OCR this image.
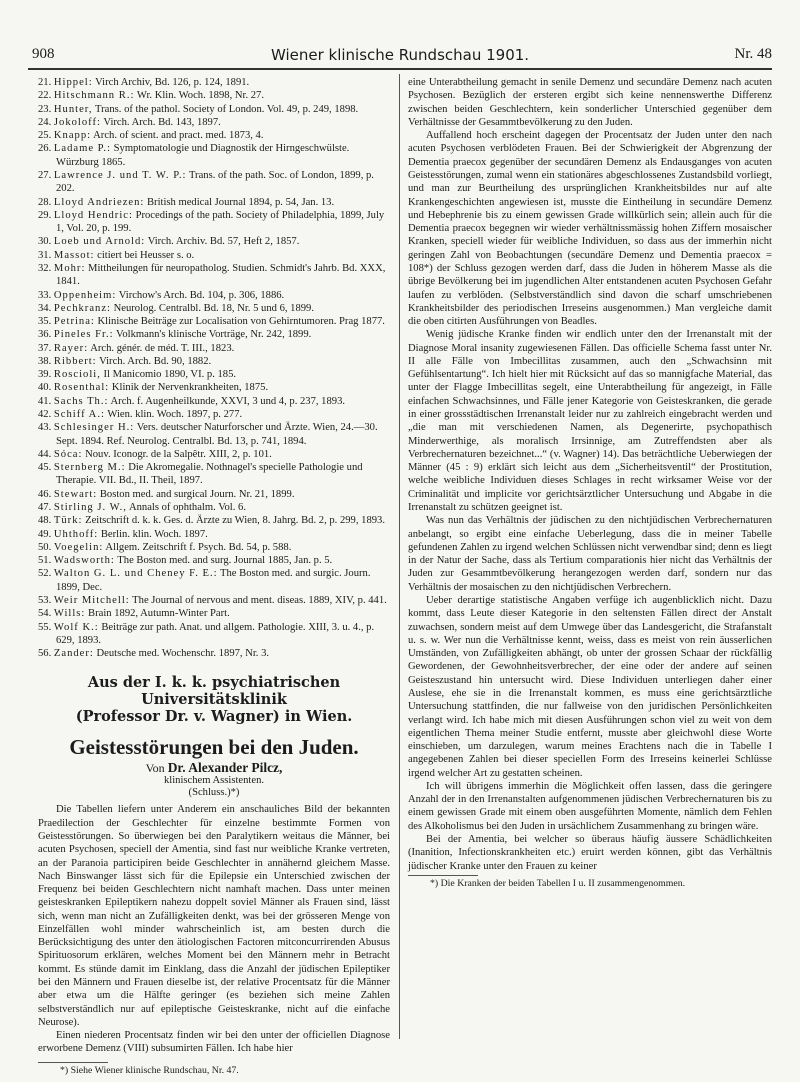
908	Wiener klinische Rundschau 1901.	Nr. 48

21. Hippel: Virch Archiv, Bd. 126, p. 124, 1891.

22. Hitschmann R.: Wr. Klin. Woch. 1898, Nr. 27.

23. Hunter, Trans. of the pathol. Society of London. Vol. 49, p. 249, 1898.

24. Jokoloff: Virch. Arch. Bd. 143, 1897.

25. Knapp: Arch. of scient. and pract. med. 1873, 4.

26. Ladame P.: Symptomatologie und Diagnostik der Hirngeschwülste. Würzburg 1865.

27. Lawrence J. und T. W. P.: Trans. of the path. Soc. of London, 1899, p. 202.

28. Lloyd Andriezen: British medical Journal 1894, p. 54, Jan. 13.

29. Lloyd Hendric: Procedings of the path. Society of Philadelphia, 1899, July 1, Vol. 20, p. 199.

30. Loeb und Arnold: Virch. Archiv. Bd. 57, Heft 2, 1857.

31. Massot: citiert bei Heusser s. o.

32. Mohr: Mittheilungen für neuropatholog. Studien. Schmidt's Jahrb. Bd. XXX, 1841.

33. Oppenheim: Virchow's Arch. Bd. 104, p. 306, 1886.

34. Pechkranz: Neurolog. Centralbl. Bd. 18, Nr. 5 und 6, 1899.

35. Petrina: Klinische Beiträge zur Localisation von Gehirntumoren. Prag 1877.

36. Pineles Fr.: Volkmann's klinische Vorträge, Nr. 242, 1899.

37. Rayer: Arch. génér. de méd. T. III., 1823.

38. Ribbert: Virch. Arch. Bd. 90, 1882.

39. Roscioli, Il Manicomio 1890, VI. p. 185.

40. Rosenthal: Klinik der Nervenkrankheiten, 1875.

41. Sachs Th.: Arch. f. Augenheilkunde, XXVI, 3 und 4, p. 237, 1893.

42. Schiff A.: Wien. klin. Woch. 1897, p. 277.

43. Schlesinger H.: Vers. deutscher Naturforscher und Ärzte. Wien, 24.—30. Sept. 1894. Ref. Neurolog. Centralbl. Bd. 13, p. 741, 1894.

44. Sóca: Nouv. Iconogr. de la Salpêtr. XIII, 2, p. 101.

45. Sternberg M.: Die Akromegalie. Nothnagel's specielle Pathologie und Therapie. VII. Bd., II. Theil, 1897.

46. Stewart: Boston med. and surgical Journ. Nr. 21, 1899.

47. Stirling J. W., Annals of ophthalm. Vol. 6.

48. Türk: Zeitschrift d. k. k. Ges. d. Ärzte zu Wien, 8. Jahrg. Bd. 2, p. 299, 1893.

49. Uhthoff: Berlin. klin. Woch. 1897.

50. Voegelin: Allgem. Zeitschrift f. Psych. Bd. 54, p. 588.

51. Wadsworth: The Boston med. and surg. Journal 1885, Jan. p. 5.

52. Walton G. L. und Cheney F. E.: The Boston med. and surgic. Journ. 1899, Dec.

53. Weir Mitchell: The Journal of nervous and ment. diseas. 1889, XIV, p. 441.

54. Wills: Brain 1892, Autumn-Winter Part.

55. Wolf K.: Beiträge zur path. Anat. und allgem. Pathologie. XIII, 3. u. 4., p. 629, 1893.

56. Zander: Deutsche med. Wochenschr. 1897, Nr. 3.

Aus der I. k. k. psychiatrischen Universitätsklinik
(Professor Dr. v. Wagner) in Wien.
Geistesstörungen bei den Juden.
Von Dr. Alexander Pilcz,
klinischem Assistenten.
(Schluss.)*)

Die Tabellen liefern unter Anderem ein anschauliches Bild der bekannten Praedilection der Geschlechter für einzelne bestimmte Formen von Geistesstörungen. So überwiegen bei den Paralytikern weitaus die Männer, bei acuten Psychosen, speciell der Amentia, sind fast nur weibliche Kranke vertreten, an der Paranoia participiren beide Geschlechter in annähernd gleichem Masse. Nach Binswanger lässt sich für die Epilepsie ein Unterschied zwischen der Frequenz bei beiden Geschlechtern nicht namhaft machen. Dass unter meinen geisteskranken Epileptikern nahezu doppelt soviel Männer als Frauen sind, lässt sich, wenn man nicht an Zufälligkeiten denkt, was bei der grösseren Menge von Einzelfällen wohl minder wahrscheinlich ist, am besten durch die Berücksichtigung des unter den ätiologischen Factoren mitconcurrirenden Abusus Spirituosorum erklären, welches Moment bei den Männern mehr in Betracht kommt. Es stünde damit im Einklang, dass die Anzahl der jüdischen Epileptiker bei den Männern und Frauen dieselbe ist, der relative Procentsatz für die Männer aber etwa um die Hälfte geringer (es beziehen sich meine Zahlen selbstverständlich nur auf epileptische Geisteskranke, nicht auf die einfache Neurose).

Einen niederen Procentsatz finden wir bei den unter der officiellen Diagnose erworbene Demenz (VIII) subsumirten Fällen. Ich habe hier

*) Siehe Wiener klinische Rundschau, Nr. 47.

eine Unterabtheilung gemacht in senile Demenz und secundäre Demenz nach acuten Psychosen. Bezüglich der ersteren ergibt sich keine nennenswerthe Differenz zwischen beiden Geschlechtern, kein sonderlicher Unterschied gegenüber dem Verhältnisse der Gesammtbevölkerung zu den Juden.

Auffallend hoch erscheint dagegen der Procentsatz der Juden unter den nach acuten Psychosen verblödeten Frauen. Bei der Schwierigkeit der Abgrenzung der Dementia praecox gegenüber der secundären Demenz als Endausganges von acuten Geistesstörungen, zumal wenn ein stationäres abgeschlossenes Zustandsbild vorliegt, und man zur Beurtheilung des ursprünglichen Krankheitsbildes nur auf alte Krankengeschichten angewiesen ist, musste die Eintheilung in secundäre Demenz und Hebephrenie bis zu einem gewissen Grade willkürlich sein; allein auch für die Dementia praecox begegnen wir wieder verhältnissmässig hohen Ziffern mosaischer Kranken, speciell wieder für weibliche Individuen, so dass aus der immerhin nicht geringen Zahl von Beobachtungen (secundäre Demenz und Dementia praecox = 108*) der Schluss gezogen werden darf, dass die Juden in höherem Masse als die übrige Bevölkerung bei im jugendlichen Alter entstandenen acuten Psychosen Gefahr laufen zu verblöden. (Selbstverständlich sind davon die scharf umschriebenen Krankheitsbilder des periodischen Irreseins ausgenommen.) Man vergleiche damit die oben citirten Ausführungen von Beadles.

Wenig jüdische Kranke finden wir endlich unter den der Irrenanstalt mit der Diagnose Moral insanity zugewiesenen Fällen. Das officielle Schema fasst unter Nr. II alle Fälle von Imbecillitas zusammen, auch den „Schwachsinn mit Gefühlsentartung“. Ich hielt hier mit Rücksicht auf das so mannigfache Material, das unter der Flagge Imbecillitas segelt, eine Unterabtheilung für angezeigt, in Fälle einfachen Schwachsinnes, und Fälle jener Kategorie von Geisteskranken, die gerade in einer grossstädtischen Irrenanstalt leider nur zu zahlreich eingebracht werden und „die man mit verschiedenen Namen, als Degenerirte, psychopathisch Minderwerthige, als moralisch Irrsinnige, am Zutreffendsten aber als Verbrechernaturen bezeichnet...“ (v. Wagner) 14). Das beträchtliche Ueberwiegen der Männer (45 : 9) erklärt sich leicht aus dem „Sicherheitsventil“ der Prostitution, welche weibliche Individuen dieses Schlages in recht wirksamer Weise vor der Criminalität und implicite vor gerichtsärztlicher Untersuchung und Abgabe in die Irrenanstalt zu schützen geeignet ist.

Was nun das Verhältnis der jüdischen zu den nichtjüdischen Verbrechernaturen anbelangt, so ergibt eine einfache Ueberlegung, dass die in meiner Tabelle gefundenen Zahlen zu irgend welchen Schlüssen nicht verwendbar sind; denn es liegt in der Natur der Sache, dass als Tertium comparationis hier nicht das Verhältnis der Juden zur Gesammtbevölkerung herangezogen werden darf, sondern nur das Verhältnis der mosaischen zu den nichtjüdischen Verbrechern.

Ueber derartige statistische Angaben verfüge ich augenblicklich nicht. Dazu kommt, dass Leute dieser Kategorie in den seltensten Fällen direct der Anstalt zuwachsen, sondern meist auf dem Umwege über das Landesgericht, die Strafanstalt u. s. w. Wer nun die Verhältnisse kennt, weiss, dass es meist von rein äusserlichen Umständen, von Zufälligkeiten abhängt, ob unter der grossen Schaar der rückfällig Gewordenen, der Gewohnheitsverbrecher, der eine oder der andere auf seinen Geisteszustand hin untersucht wird. Diese Individuen unterliegen daher einer Auslese, ehe sie in die Irrenanstalt kommen, es muss eine gerichtsärztliche Untersuchung stattfinden, die nur fallweise von den juridischen Persönlichkeiten verlangt wird. Ich habe mich mit diesen Ausführungen schon viel zu weit von dem eigentlichen Thema meiner Studie entfernt, musste aber gleichwohl diese Worte einschieben, um darzulegen, warum meines Erachtens nach die in Tabelle I angegebenen Zahlen bei dieser speciellen Form des Irreseins keinerlei Schlüsse irgend welcher Art zu gestatten scheinen.

Ich will übrigens immerhin die Möglichkeit offen lassen, dass die geringere Anzahl der in den Irrenanstalten aufgenommenen jüdischen Verbrechernaturen bis zu einem gewissen Grade mit einem oben ausgeführten Momente, nämlich dem Fehlen des Alkoholismus bei den Juden in ursächlichem Zusammenhang zu bringen wäre.

Bei der Amentia, bei welcher so überaus häufig äussere Schädlichkeiten (Inanition, Infectionskrankheiten etc.) eruirt werden können, gibt das Verhältnis jüdischer Kranke unter den Frauen zu keiner

*) Die Kranken der beiden Tabellen I u. II zusammengenommen.
